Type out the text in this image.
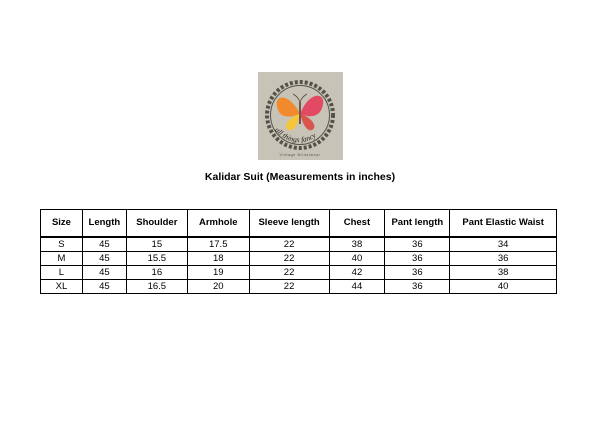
all things fancy
Vintage Bridalwear
Kalidar Suit (Measurements in inches)
Size	Length	Shoulder	Armhole	Sleeve length	Chest	Pant length	Pant Elastic Waist
S	45	15	17.5	22	38	36	34
M	45	15.5	18	22	40	36	36
L	45	16	19	22	42	36	38
XL	45	16.5	20	22	44	36	40
